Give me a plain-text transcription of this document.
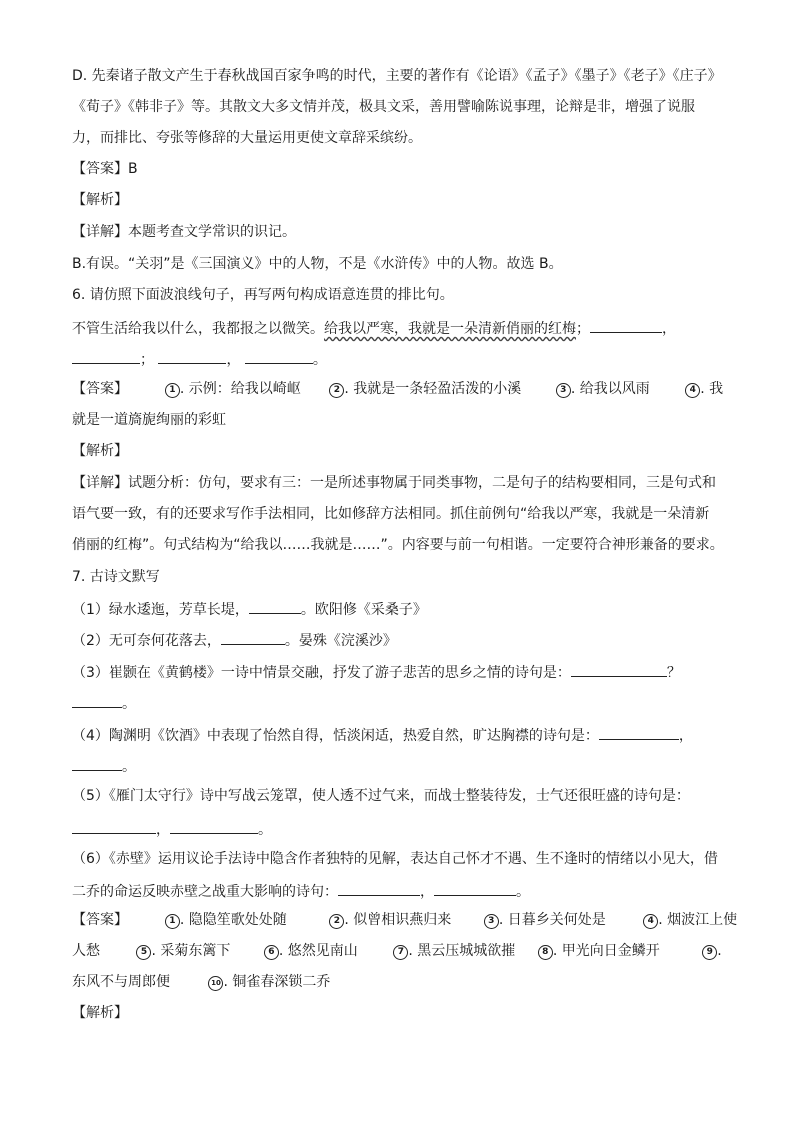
D. 先秦诸子散文产生于春秋战国百家争鸣的时代，主要的著作有《论语》《孟子》《墨子》《老子》《庄子》
《荀子》《韩非子》等。其散文大多文情并茂，极具文采，善用譬喻陈说事理，论辩是非，增强了说服
力，而排比、夸张等修辞的大量运用更使文章辞采缤纷。
【答案】B
【解析】
【详解】本题考查文学常识的识记。
B.有误。“关羽”是《三国演义》中的人物，不是《水浒传》中的人物。故选 B。
6. 请仿照下面波浪线句子，再写两句构成语意连贯的排比句。
不管生活给我以什么，我都报之以微笑。给我以严寒，我就是一朵清新俏丽的红梅；	，
；	，	。
【答案】	1 . 示例：给我以崎岖	2 . 我就是一条轻盈活泼的小溪	3 . 给我以风雨	4 . 我
就是一道旖旎绚丽的彩虹
【解析】
【详解】试题分析：仿句，要求有三：一是所述事物属于同类事物，二是句子的结构要相同，三是句式和
语气要一致，有的还要求写作手法相同，比如修辞方法相同。抓住前例句“给我以严寒，我就是一朵清新
俏丽的红梅”。句式结构为“给我以……我就是……”。内容要与前一句相谐。一定要符合神形兼备的要求。
7. 古诗文默写
（1）绿水逶迤，芳草长堤，	。欧阳修《采桑子》
（2）无可奈何花落去，	。晏殊《浣溪沙》
（3）崔颢在《黄鹤楼》一诗中情景交融，抒发了游子悲苦的思乡之情的诗句是：	？
。
（4）陶渊明《饮酒》中表现了怡然自得，恬淡闲适，热爱自然，旷达胸襟的诗句是：	，
。
（5）《雁门太守行》诗中写战云笼罩，使人透不过气来，而战士整装待发，士气还很旺盛的诗句是：
，	。
（6）《赤壁》运用议论手法诗中隐含作者独特的见解，表达自己怀才不遇、生不逢时的情绪以小见大，借
二乔的命运反映赤壁之战重大影响的诗句：	，	。
【答案】	1 . 隐隐笙歌处处随	2 . 似曾相识燕归来	3 . 日暮乡关何处是	4 . 烟波江上使
人愁	5 . 采菊东篱下	6 . 悠然见南山	7 . 黑云压城城欲摧	8 . 甲光向日金鳞开	9 .
东风不与周郎便	10 . 铜雀春深锁二乔
【解析】
